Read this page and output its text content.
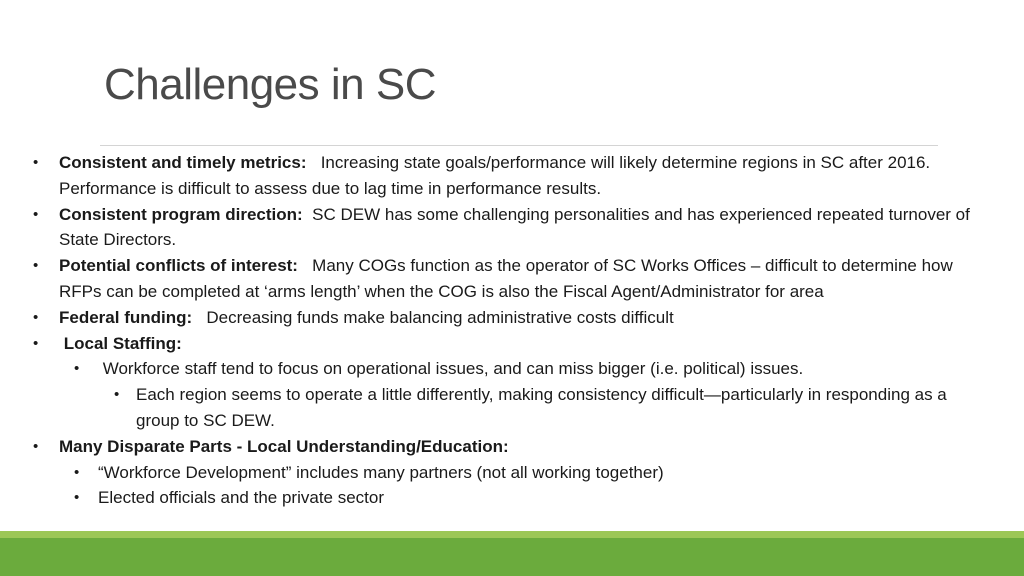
Challenges in SC
• Consistent and timely metrics: Increasing state goals/performance will likely determine regions in SC after 2016. Performance is difficult to assess due to lag time in performance results.
• Consistent program direction: SC DEW has some challenging personalities and has experienced repeated turnover of State Directors.
• Potential conflicts of interest: Many COGs function as the operator of SC Works Offices – difficult to determine how RFPs can be completed at ‘arms length’ when the COG is also the Fiscal Agent/Administrator for area
• Federal funding: Decreasing funds make balancing administrative costs difficult
• Local Staffing:
• Workforce staff tend to focus on operational issues, and can miss bigger (i.e. political) issues.
• Each region seems to operate a little differently, making consistency difficult—particularly in responding as a group to SC DEW.
• Many Disparate Parts - Local Understanding/Education:
• “Workforce Development” includes many partners (not all working together)
• Elected officials and the private sector
